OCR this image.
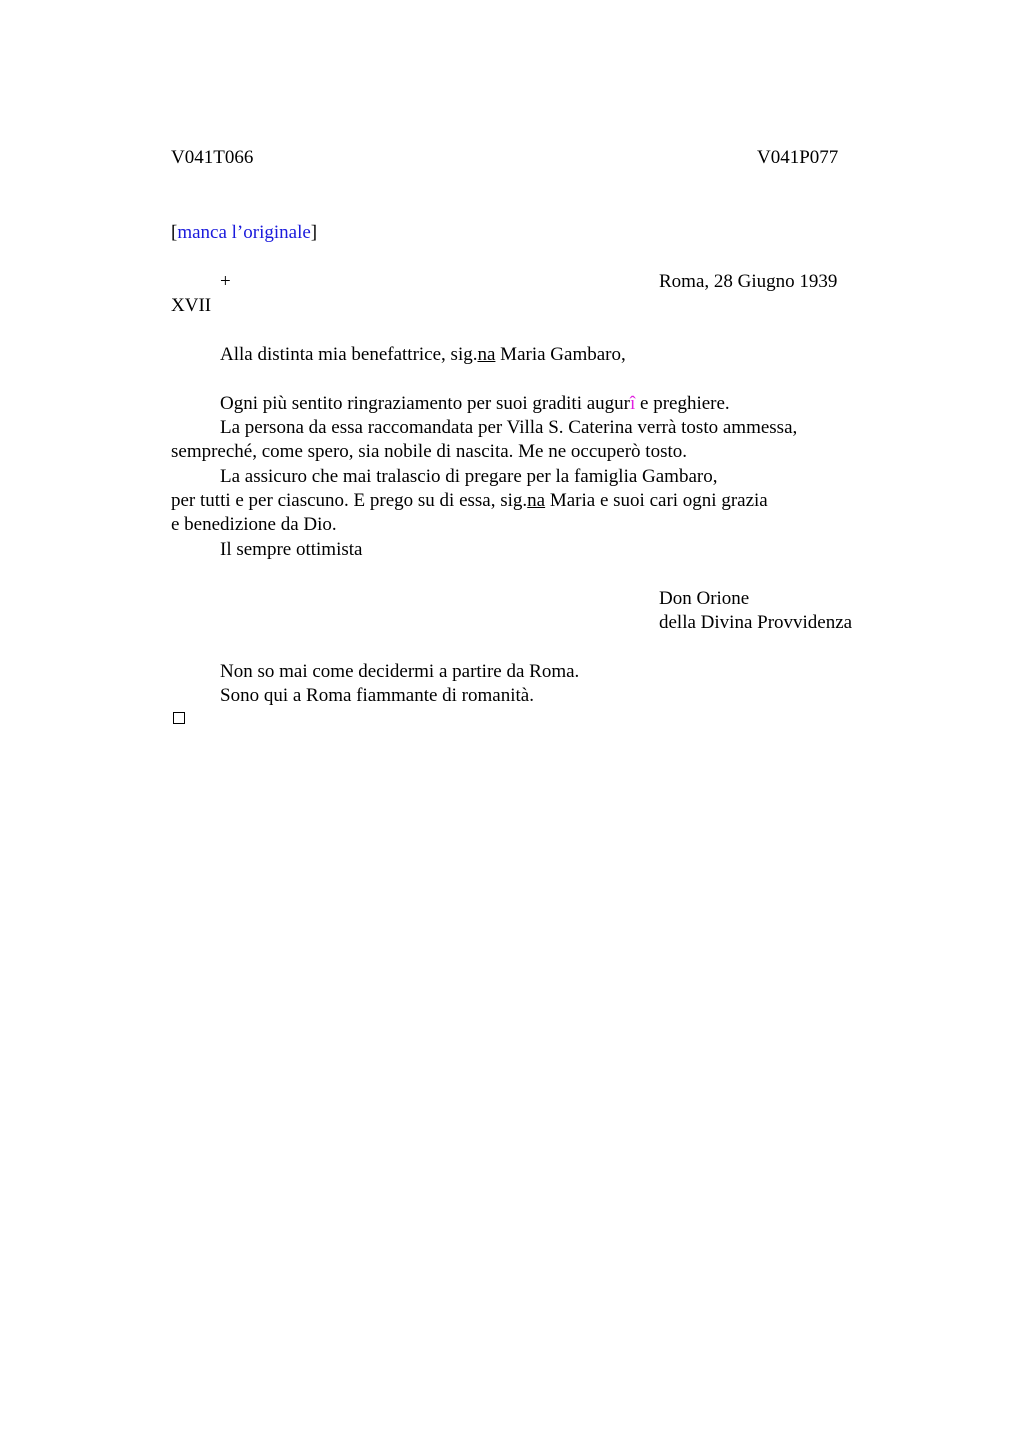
V041T066	V041P077
[manca l’originale]
+	Roma, 28 Giugno 1939
XVII
Alla distinta mia benefattrice, sig.na Maria Gambaro,
Ogni più sentito ringraziamento per suoi graditi augurî e preghiere.
La persona da essa raccomandata per Villa S. Caterina verrà tosto ammessa,
sempreché, come spero, sia nobile di nascita. Me ne occuperò tosto.
La assicuro che mai tralascio di pregare per la famiglia Gambaro,
per tutti e per ciascuno. E prego su di essa, sig.na Maria e suoi cari ogni grazia
e benedizione da Dio.
Il sempre ottimista
Don Orione
della Divina Provvidenza
Non so mai come decidermi a partire da Roma.
Sono qui a Roma fiammante di romanità.
